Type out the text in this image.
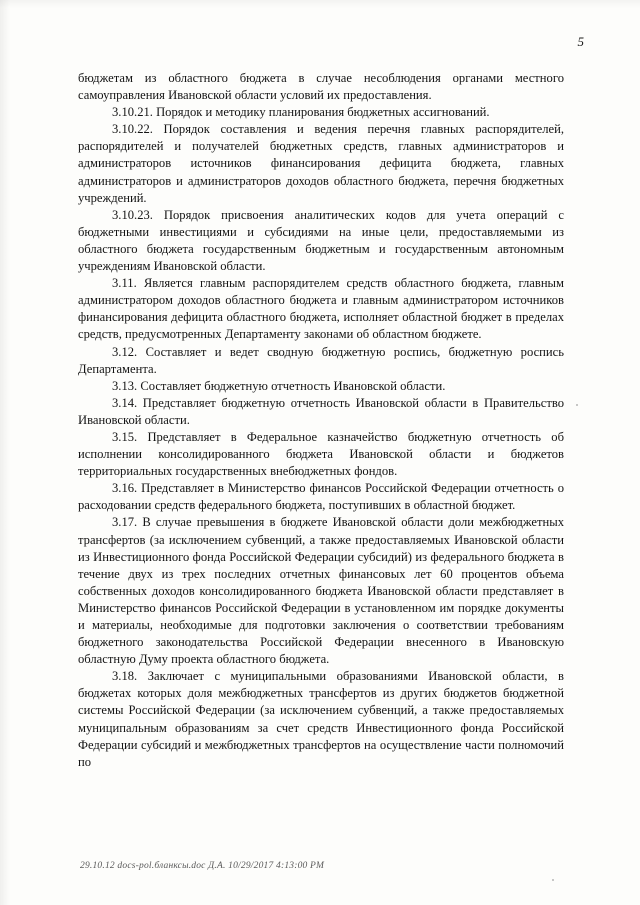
5

бюджетам из областного бюджета в случае несоблюдения органами местного самоуправления Ивановской области условий их предоставления.

3.10.21. Порядок и методику планирования бюджетных ассигнований.

3.10.22. Порядок составления и ведения перечня главных распорядителей, распорядителей и получателей бюджетных средств, главных администраторов и администраторов источников финансирования дефицита бюджета, главных администраторов и администраторов доходов областного бюджета, перечня бюджетных учреждений.

3.10.23. Порядок присвоения аналитических кодов для учета операций с бюджетными инвестициями и субсидиями на иные цели, предоставляемыми из областного бюджета государственным бюджетным и государственным автономным учреждениям Ивановской области.

3.11. Является главным распорядителем средств областного бюджета, главным администратором доходов областного бюджета и главным администратором источников финансирования дефицита областного бюджета, исполняет областной бюджет в пределах средств, предусмотренных Департаменту законами об областном бюджете.

3.12. Составляет и ведет сводную бюджетную роспись, бюджетную роспись Департамента.

3.13. Составляет бюджетную отчетность Ивановской области.

3.14. Представляет бюджетную отчетность Ивановской области в Правительство Ивановской области.

3.15. Представляет в Федеральное казначейство бюджетную отчетность об исполнении консолидированного бюджета Ивановской области и бюджетов территориальных государственных внебюджетных фондов.

3.16. Представляет в Министерство финансов Российской Федерации отчетность о расходовании средств федерального бюджета, поступивших в областной бюджет.

3.17. В случае превышения в бюджете Ивановской области доли межбюджетных трансфертов (за исключением субвенций, а также предоставляемых Ивановской области из Инвестиционного фонда Российской Федерации субсидий) из федерального бюджета в течение двух из трех последних отчетных финансовых лет 60 процентов объема собственных доходов консолидированного бюджета Ивановской области представляет в Министерство финансов Российской Федерации в установленном им порядке документы и материалы, необходимые для подготовки заключения о соответствии требованиям бюджетного законодательства Российской Федерации внесенного в Ивановскую областную Думу проекта областного бюджета.

3.18. Заключает с муниципальными образованиями Ивановской области, в бюджетах которых доля межбюджетных трансфертов из других бюджетов бюджетной системы Российской Федерации (за исключением субвенций, а также предоставляемых муниципальным образованиям за счет средств Инвестиционного фонда Российской Федерации субсидий и межбюджетных трансфертов на осуществление части полномочий по

29.10.12 docs-pol.бланксы.doc Д.А. 10/29/2017 4:13:00 PM
